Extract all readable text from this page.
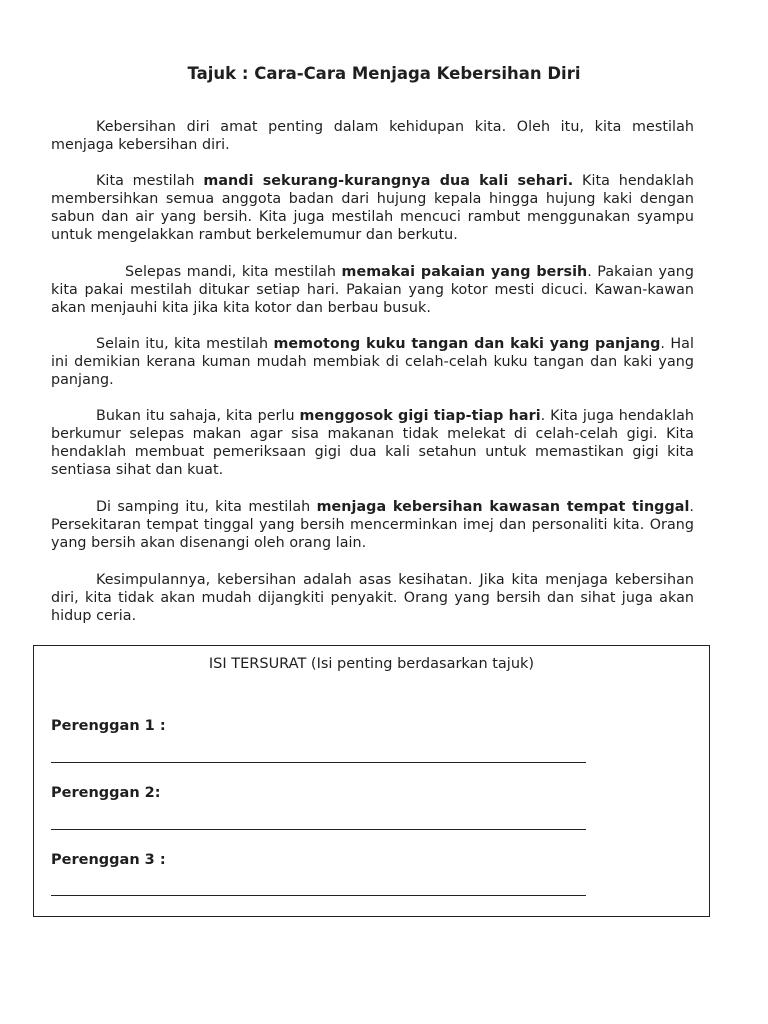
Tajuk : Cara-Cara Menjaga Kebersihan Diri

Kebersihan diri amat penting dalam kehidupan kita. Oleh itu, kita mestilah menjaga kebersihan diri.

Kita mestilah mandi sekurang-kurangnya dua kali sehari. Kita hendaklah membersihkan semua anggota badan dari hujung kepala hingga hujung kaki dengan sabun dan air yang bersih. Kita juga mestilah mencuci rambut menggunakan syampu untuk mengelakkan rambut berkelemumur dan berkutu.

Selepas mandi, kita mestilah memakai pakaian yang bersih. Pakaian yang kita pakai mestilah ditukar setiap hari. Pakaian yang kotor mesti dicuci. Kawan-kawan akan menjauhi kita jika kita kotor dan berbau busuk.

Selain itu, kita mestilah memotong kuku tangan dan kaki yang panjang. Hal ini demikian kerana kuman mudah membiak di celah-celah kuku tangan dan kaki yang panjang.

Bukan itu sahaja, kita perlu menggosok gigi tiap-tiap hari. Kita juga hendaklah berkumur selepas makan agar sisa makanan tidak melekat di celah-celah gigi. Kita hendaklah membuat pemeriksaan gigi dua kali setahun untuk memastikan gigi kita sentiasa sihat dan kuat.

Di samping itu, kita mestilah menjaga kebersihan kawasan tempat tinggal. Persekitaran tempat tinggal yang bersih mencerminkan imej dan personaliti kita. Orang yang bersih akan disenangi oleh orang lain.

Kesimpulannya, kebersihan adalah asas kesihatan. Jika kita menjaga kebersihan diri, kita tidak akan mudah dijangkiti penyakit. Orang yang bersih dan sihat juga akan hidup ceria.

ISI TERSURAT (Isi penting berdasarkan tajuk)
Perenggan 1 :
Perenggan 2:
Perenggan 3 :
